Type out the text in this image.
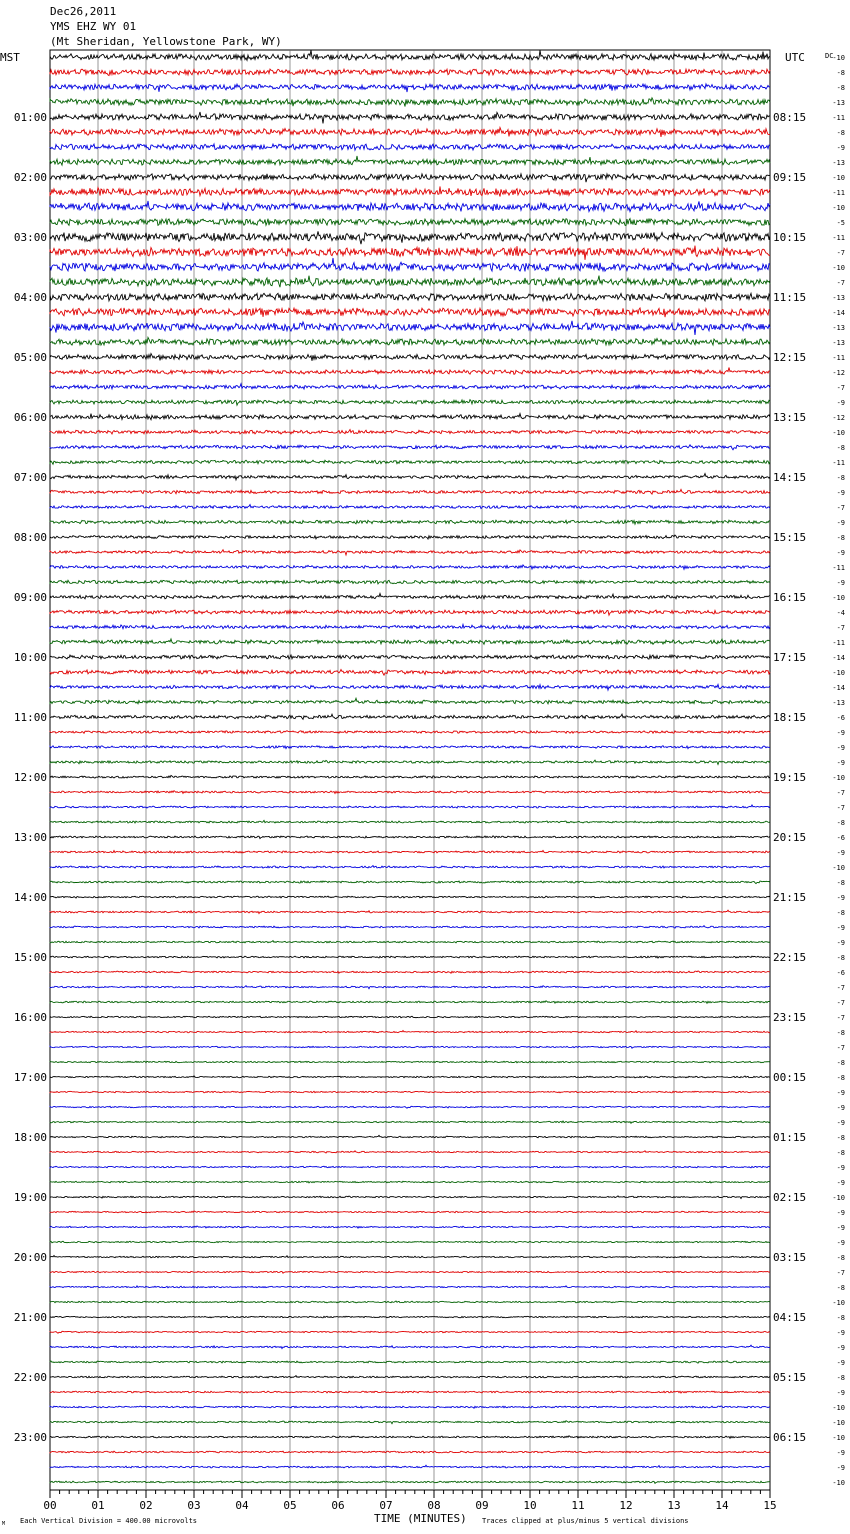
00	01	02	03	04	05	06	07	08	09	10	11	12	13	14	15
01:00
02:00
03:00
04:00
05:00
06:00
07:00
08:00
09:00
10:00
11:00
12:00
13:00
14:00
15:00
16:00
17:00
18:00
19:00
20:00
21:00
22:00
23:00
08:15
09:15
10:15
11:15
12:15
13:15
14:15
15:15
16:15
17:15
18:15
19:15
20:15
21:15
22:15
23:15
00:15
01:15
02:15
03:15
04:15
05:15
06:15
-10
-8
-8
-13
-11
-8
-9
-13
-10
-11
-10
-5
-11
-7
-10
-7
-13
-14
-13
-13
-11
-12
-7
-9
-12
-10
-8
-11
-8
-9
-7
-9
-8
-9
-11
-9
-10
-4
-7
-11
-14
-10
-14
-13
-6
-9
-9
-9
-10
-7
-7
-8
-6
-9
-10
-8
-9
-8
-9
-9
-8
-6
-7
-7
-7
-8
-7
-8
-8
-9
-9
-9
-8
-8
-9
-9
-10
-9
-9
-9
-8
-7
-8
-10
-8
-9
-9
-9
-8
-9
-10
-10
-10
-9
-9
-10
MST	UTC	DC
TIME (MINUTES)
Each Vertical Division = 400.00 microvolts	Traces clipped at plus/minus 5 vertical divisions
M
Dec26,2011
YMS EHZ WY 01
(Mt Sheridan, Yellowstone Park, WY)
